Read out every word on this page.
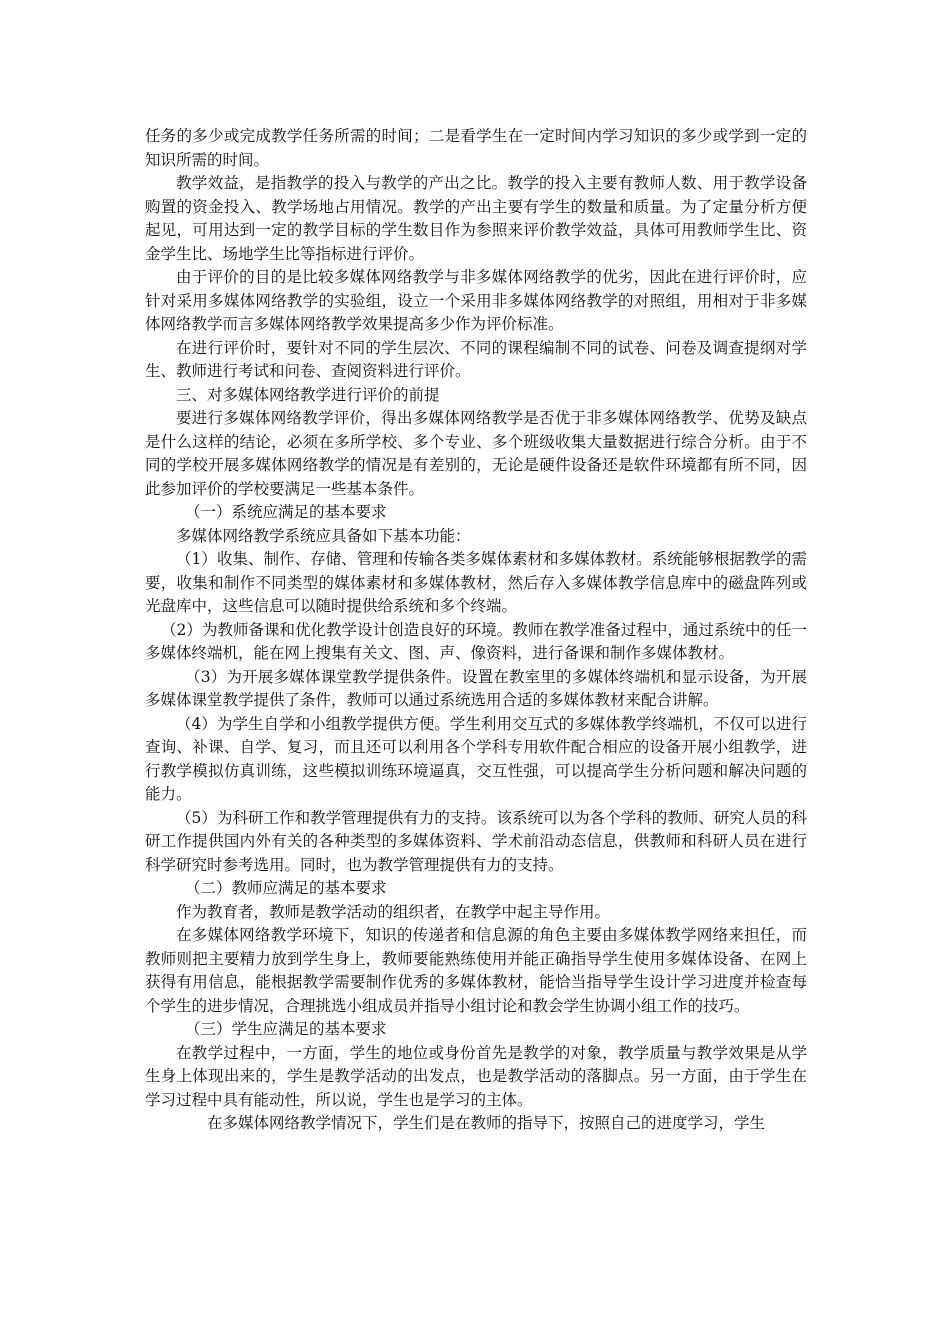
任务的多少或完成教学任务所需的时间；二是看学生在一定时间内学习知识的多少或学到一定的知识所需的时间。

教学效益，是指教学的投入与教学的产出之比。教学的投入主要有教师人数、用于教学设备购置的资金投入、教学场地占用情况。教学的产出主要有学生的数量和质量。为了定量分析方便起见，可用达到一定的教学目标的学生数目作为参照来评价教学效益，具体可用教师学生比、资金学生比、场地学生比等指标进行评价。

由于评价的目的是比较多媒体网络教学与非多媒体网络教学的优劣，因此在进行评价时，应针对采用多媒体网络教学的实验组，设立一个采用非多媒体网络教学的对照组，用相对于非多媒体网络教学而言多媒体网络教学效果提高多少作为评价标准。

在进行评价时，要针对不同的学生层次、不同的课程编制不同的试卷、问卷及调查提纲对学生、教师进行考试和问卷、查阅资料进行评价。

三、对多媒体网络教学进行评价的前提

要进行多媒体网络教学评价，得出多媒体网络教学是否优于非多媒体网络教学、优势及缺点是什么这样的结论，必须在多所学校、多个专业、多个班级收集大量数据进行综合分析。由于不同的学校开展多媒体网络教学的情况是有差别的，无论是硬件设备还是软件环境都有所不同，因此参加评价的学校要满足一些基本条件。

（一）系统应满足的基本要求

多媒体网络教学系统应具备如下基本功能：

（1）收集、制作、存储、管理和传输各类多媒体素材和多媒体教材。系统能够根据教学的需要，收集和制作不同类型的媒体素材和多媒体教材，然后存入多媒体教学信息库中的磁盘阵列或光盘库中，这些信息可以随时提供给系统和多个终端。

（2）为教师备课和优化教学设计创造良好的环境。教师在教学准备过程中，通过系统中的任一多媒体终端机，能在网上搜集有关文、图、声、像资料，进行备课和制作多媒体教材。

（3）为开展多媒体课堂教学提供条件。设置在教室里的多媒体终端机和显示设备，为开展多媒体课堂教学提供了条件，教师可以通过系统选用合适的多媒体教材来配合讲解。

（4）为学生自学和小组教学提供方便。学生利用交互式的多媒体教学终端机，不仅可以进行查询、补课、自学、复习，而且还可以利用各个学科专用软件配合相应的设备开展小组教学，进行教学模拟仿真训练，这些模拟训练环境逼真，交互性强，可以提高学生分析问题和解决问题的能力。

（5）为科研工作和教学管理提供有力的支持。该系统可以为各个学科的教师、研究人员的科研工作提供国内外有关的各种类型的多媒体资料、学术前沿动态信息，供教师和科研人员在进行科学研究时参考选用。同时，也为教学管理提供有力的支持。

（二）教师应满足的基本要求

作为教育者，教师是教学活动的组织者，在教学中起主导作用。

在多媒体网络教学环境下，知识的传递者和信息源的角色主要由多媒体教学网络来担任，而教师则把主要精力放到学生身上，教师要能熟练使用并能正确指导学生使用多媒体设备、在网上获得有用信息，能根据教学需要制作优秀的多媒体教材，能恰当指导学生设计学习进度并检查每个学生的进步情况，合理挑选小组成员并指导小组讨论和教会学生协调小组工作的技巧。

（三）学生应满足的基本要求

在教学过程中，一方面，学生的地位或身份首先是教学的对象，教学质量与教学效果是从学生身上体现出来的，学生是教学活动的出发点，也是教学活动的落脚点。另一方面，由于学生在学习过程中具有能动性，所以说，学生也是学习的主体。

在多媒体网络教学情况下，学生们是在教师的指导下，按照自己的进度学习，学生
